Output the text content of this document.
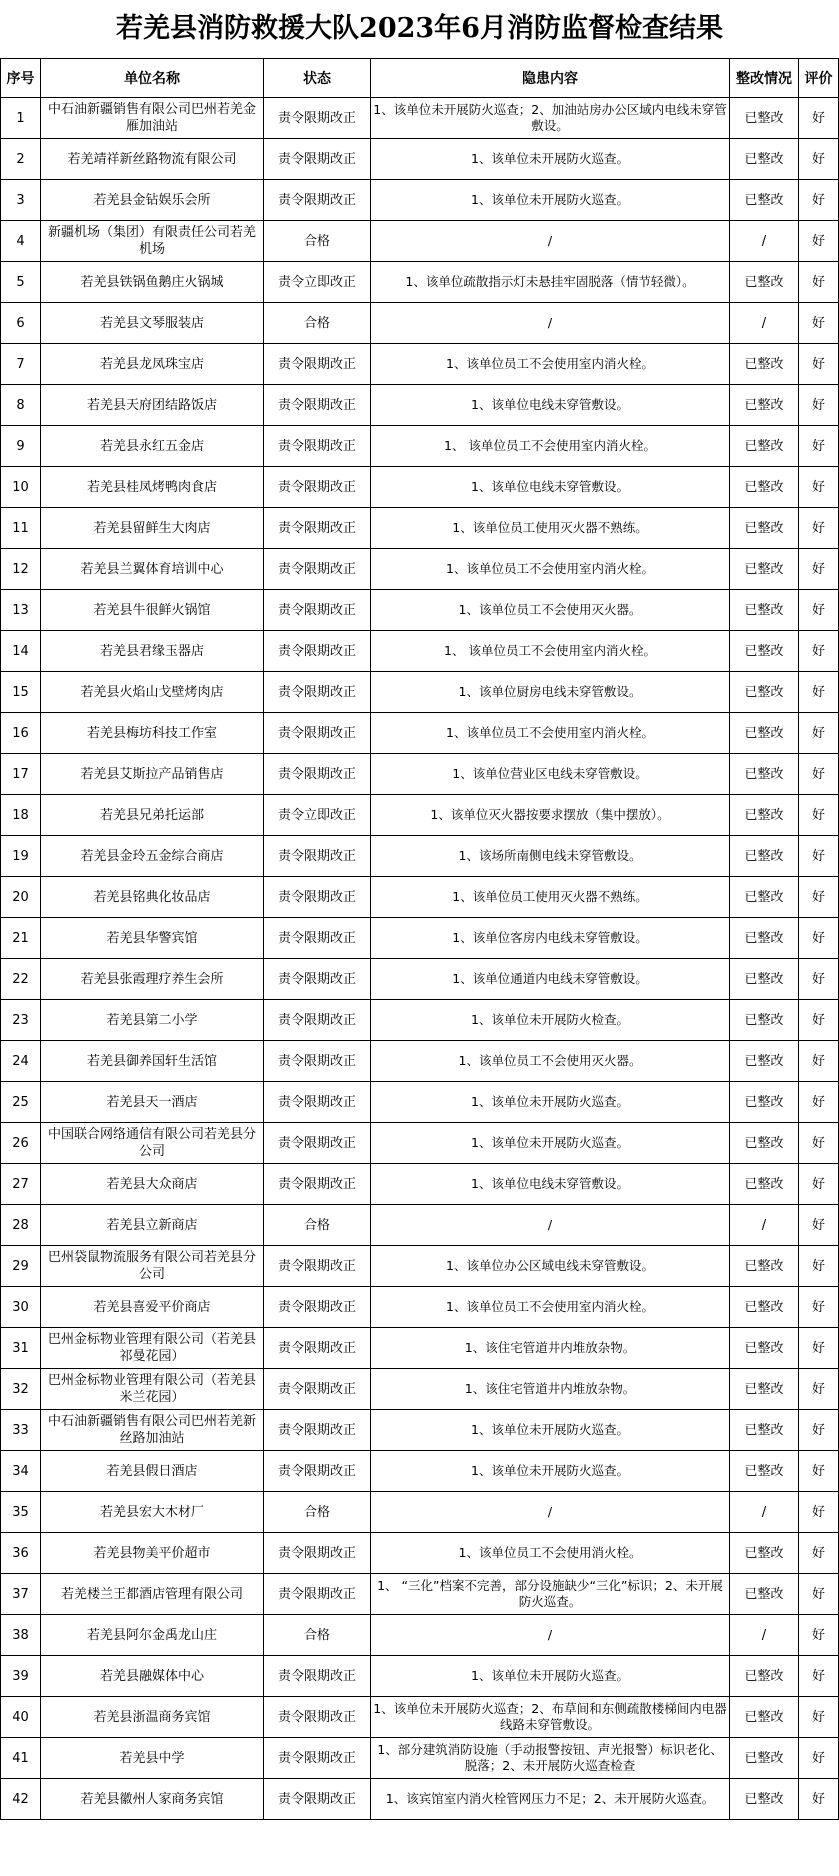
若羌县消防救援大队2023年6月消防监督检查结果
序号	单位名称	状态	隐患内容	整改情况	评价
1	中石油新疆销售有限公司巴州若羌金雁加油站	责令限期改正	1、该单位未开展防火巡查；2、加油站房办公区域内电线未穿管敷设。	已整改	好
2	若羌靖祥新丝路物流有限公司	责令限期改正	1、该单位未开展防火巡查。	已整改	好
3	若羌县金钻娱乐会所	责令限期改正	1、该单位未开展防火巡查。	已整改	好
4	新疆机场（集团）有限责任公司若羌机场	合格	/	/	好
5	若羌县铁锅鱼鹅庄火锅城	责令立即改正	1、该单位疏散指示灯未悬挂牢固脱落（情节轻微）。	已整改	好
6	若羌县文琴服装店	合格	/	/	好
7	若羌县龙凤珠宝店	责令限期改正	1、该单位员工不会使用室内消火栓。	已整改	好
8	若羌县天府团结路饭店	责令限期改正	1、该单位电线未穿管敷设。	已整改	好
9	若羌县永红五金店	责令限期改正	1、 该单位员工不会使用室内消火栓。	已整改	好
10	若羌县桂凤烤鸭肉食店	责令限期改正	1、该单位电线未穿管敷设。	已整改	好
11	若羌县留鲜生大肉店	责令限期改正	1、该单位员工使用灭火器不熟练。	已整改	好
12	若羌县兰翼体育培训中心	责令限期改正	1、该单位员工不会使用室内消火栓。	已整改	好
13	若羌县牛很鲜火锅馆	责令限期改正	1、该单位员工不会使用灭火器。	已整改	好
14	若羌县君缘玉器店	责令限期改正	1、 该单位员工不会使用室内消火栓。	已整改	好
15	若羌县火焰山戈壁烤肉店	责令限期改正	1、该单位厨房电线未穿管敷设。	已整改	好
16	若羌县梅坊科技工作室	责令限期改正	1、该单位员工不会使用室内消火栓。	已整改	好
17	若羌县艾斯拉产品销售店	责令限期改正	1、该单位营业区电线未穿管敷设。	已整改	好
18	若羌县兄弟托运部	责令立即改正	1、该单位灭火器按要求摆放（集中摆放）。	已整改	好
19	若羌县金玲五金综合商店	责令限期改正	1、该场所南侧电线未穿管敷设。	已整改	好
20	若羌县铭典化妆品店	责令限期改正	1、该单位员工使用灭火器不熟练。	已整改	好
21	若羌县华警宾馆	责令限期改正	1、该单位客房内电线未穿管敷设。	已整改	好
22	若羌县张霞理疗养生会所	责令限期改正	1、该单位通道内电线未穿管敷设。	已整改	好
23	若羌县第二小学	责令限期改正	1、该单位未开展防火检查。	已整改	好
24	若羌县御养国轩生活馆	责令限期改正	1、该单位员工不会使用灭火器。	已整改	好
25	若羌县天一酒店	责令限期改正	1、该单位未开展防火巡查。	已整改	好
26	中国联合网络通信有限公司若羌县分公司	责令限期改正	1、该单位未开展防火巡查。	已整改	好
27	若羌县大众商店	责令限期改正	1、该单位电线未穿管敷设。	已整改	好
28	若羌县立新商店	合格	/	/	好
29	巴州袋鼠物流服务有限公司若羌县分公司	责令限期改正	1、该单位办公区域电线未穿管敷设。	已整改	好
30	若羌县喜爱平价商店	责令限期改正	1、该单位员工不会使用室内消火栓。	已整改	好
31	巴州金标物业管理有限公司（若羌县祁曼花园）	责令限期改正	1、该住宅管道井内堆放杂物。	已整改	好
32	巴州金标物业管理有限公司（若羌县米兰花园）	责令限期改正	1、该住宅管道井内堆放杂物。	已整改	好
33	中石油新疆销售有限公司巴州若羌新丝路加油站	责令限期改正	1、该单位未开展防火巡查。	已整改	好
34	若羌县假日酒店	责令限期改正	1、该单位未开展防火巡查。	已整改	好
35	若羌县宏大木材厂	合格	/	/	好
36	若羌县物美平价超市	责令限期改正	1、该单位员工不会使用消火栓。	已整改	好
37	若羌楼兰王都酒店管理有限公司	责令限期改正	1、 “三化”档案不完善，部分设施缺少“三化”标识；2、未开展防火巡查。	已整改	好
38	若羌县阿尔金禹龙山庄	合格	/	/	好
39	若羌县融媒体中心	责令限期改正	1、该单位未开展防火巡查。	已整改	好
40	若羌县浙温商务宾馆	责令限期改正	1、该单位未开展防火巡查；2、布草间和东侧疏散楼梯间内电器线路未穿管敷设。	已整改	好
41	若羌县中学	责令限期改正	1、部分建筑消防设施（手动报警按钮、声光报警）标识老化、脱落；2、未开展防火巡查检查	已整改	好
42	若羌县徽州人家商务宾馆	责令限期改正	1、该宾馆室内消火栓管网压力不足；2、未开展防火巡查。	已整改	好
